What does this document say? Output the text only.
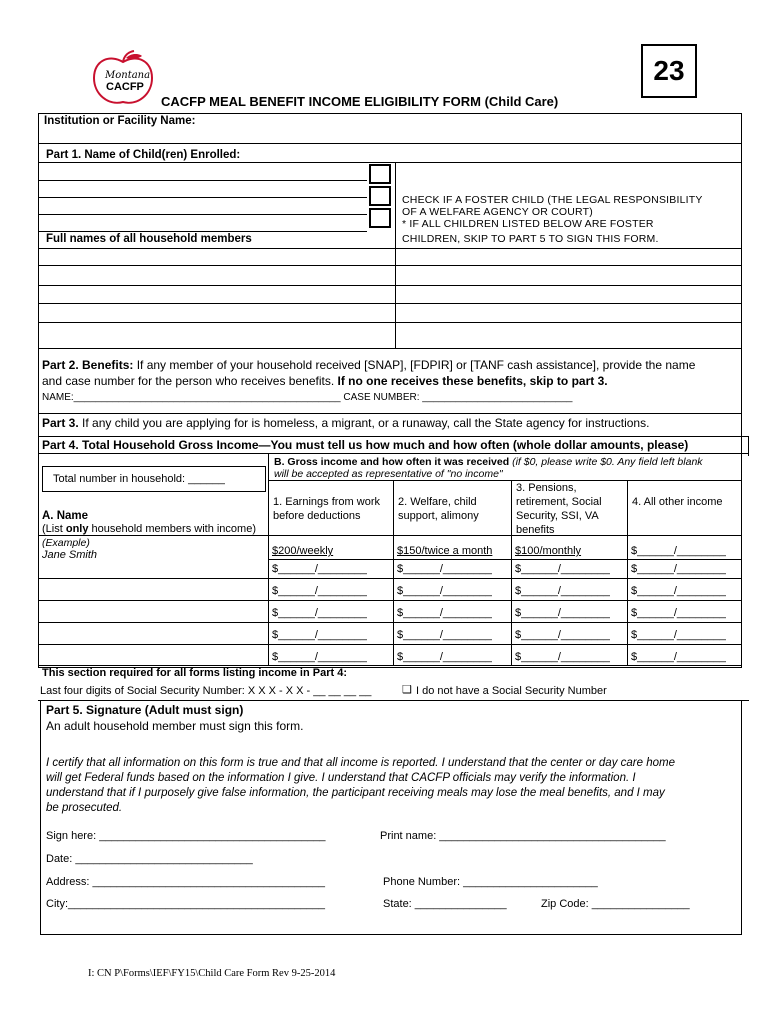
Montana
CACFP
23
CACFP MEAL BENEFIT INCOME ELIGIBILITY FORM (Child Care)
Institution or Facility Name:
Part 1. Name of Child(ren) Enrolled:
CHECK IF A FOSTER CHILD (THE LEGAL RESPONSIBILITY
OF A WELFARE AGENCY OR COURT)
* IF ALL CHILDREN LISTED BELOW ARE FOSTER
CHILDREN, SKIP TO PART 5 TO SIGN THIS FORM.
Full names of all household members
Part 2. Benefits: If any member of your household received [SNAP], [FDPIR] or [TANF cash assistance], provide the name
and case number for the person who receives benefits. If no one receives these benefits, skip to part 3.
NAME:________________________________________________ CASE NUMBER: ___________________________
Part 3. If any child you are applying for is homeless, a migrant, or a runaway, call the State agency for instructions.
Part 4. Total Household Gross Income—You must tell us how much and how often (whole dollar amounts, please)
B. Gross income and how often it was received (if $0, please write $0. Any field left blank
will be accepted as representative of "no income"
Total number in household: ______
1. Earnings from work
before deductions
2. Welfare, child
support, alimony
3. Pensions,
retirement, Social
Security, SSI, VA
benefits
4. All other income
A. Name
(List only household members with income)
(Example)
Jane Smith	$200/weekly	$150/twice a month $100/monthly	$______/________
$______/________	$______/________ $______/________ $______/________
$______/________	$______/________ $______/________ $______/________
$______/________	$______/________ $______/________ $______/________
$______/________	$______/________ $______/________ $______/________
$______/________	$______/________ $______/________ $______/________
This section required for all forms listing income in Part 4:
Last four digits of Social Security Number: X X X - X X - __ __ __ __	❑ I do not have a Social Security Number
Part 5. Signature (Adult must sign)
An adult household member must sign this form.
I certify that all information on this form is true and that all income is reported. I understand that the center or day care home
will get Federal funds based on the information I give. I understand that CACFP officials may verify the information. I
understand that if I purposely give false information, the participant receiving meals may lose the meal benefits, and I may
be prosecuted.
Sign here: _____________________________________	Print name: _____________________________________
Date: _____________________________
Address: ______________________________________	Phone Number: ______________________
City:__________________________________________	State: _______________	Zip Code: ________________
I: CN P\Forms\IEF\FY15\Child Care Form Rev 9-25-2014
